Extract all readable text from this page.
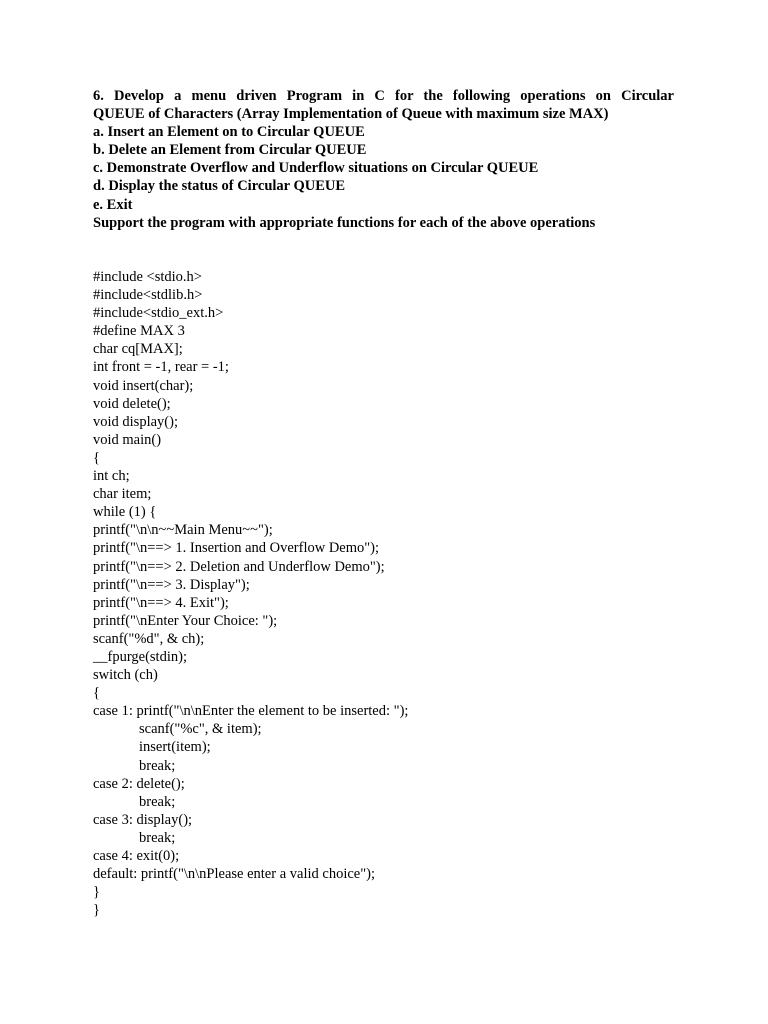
6. Develop a menu driven Program in C for the following operations on Circular
QUEUE of Characters (Array Implementation of Queue with maximum size MAX)
a. Insert an Element on to Circular QUEUE
b. Delete an Element from Circular QUEUE
c. Demonstrate Overflow and Underflow situations on Circular QUEUE
d. Display the status of Circular QUEUE
e. Exit
Support the program with appropriate functions for each of the above operations
#include <stdio.h>
#include<stdlib.h>
#include<stdio_ext.h>
#define MAX 3
char cq[MAX];
int front = -1, rear = -1;
void insert(char);
void delete();
void display();
void main()
{
int ch;
char item;
while (1) {
printf("\n\n~~Main Menu~~");
printf("\n==> 1. Insertion and Overflow Demo");
printf("\n==> 2. Deletion and Underflow Demo");
printf("\n==> 3. Display");
printf("\n==> 4. Exit");
printf("\nEnter Your Choice: ");
scanf("%d", & ch);
__fpurge(stdin);
switch (ch)
{
case 1: printf("\n\nEnter the element to be inserted: ");
scanf("%c", & item);
insert(item);
break;
case 2: delete();
break;
case 3: display();
break;
case 4: exit(0);
default: printf("\n\nPlease enter a valid choice");
}
}
